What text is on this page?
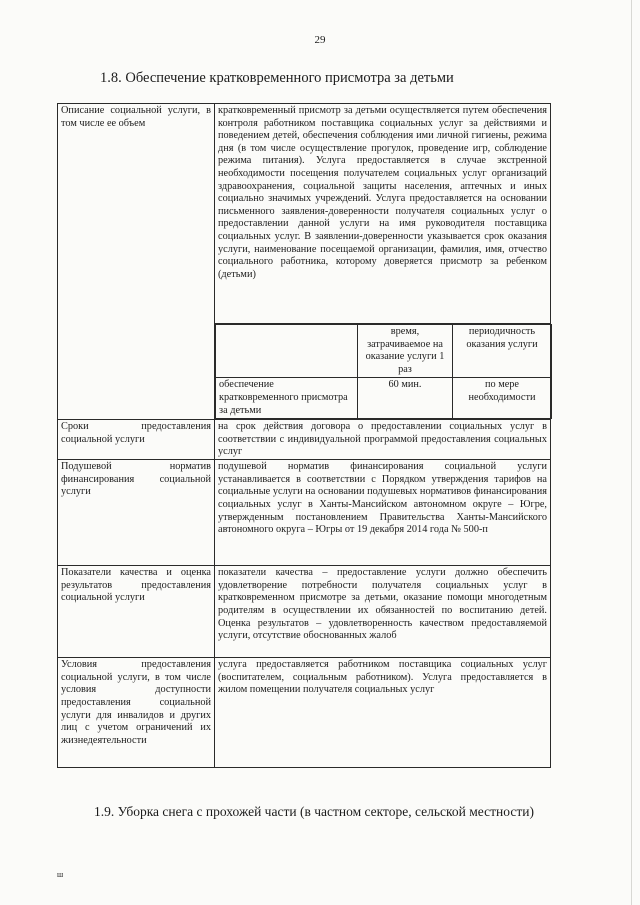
29
1.8. Обеспечение кратковременного присмотра за детьми
Описание социальной услуги, в том числе ее объем	кратковременный присмотр за детьми осуществляется путем обеспечения контроля работником поставщика социальных услуг за действиями и поведением детей, обеспечения соблюдения ими личной гигиены, режима дня (в том числе осуществление прогулок, проведение игр, соблюдение режима питания). Услуга предоставляется в случае экстренной необходимости посещения получателем социальных услуг организаций здравоохранения, социальной защиты населения, аптечных и иных социально значимых учреждений. Услуга предоставляется на основании письменного заявления-доверенности получателя социальных услуг о предоставлении данной услуги на имя руководителя поставщика социальных услуг. В заявлении-доверенности указывается срок оказания услуги, наименование посещаемой организации, фамилия, имя, отчество социального работника, которому доверяется присмотр за ребенком (детьми)

	время, затрачиваемое на оказание услуги 1 раз	периодичность оказания услуги
обеспечение кратковременного присмотра за детьми	60 мин.	по мере необходимости

Сроки предоставления социальной услуги	на срок действия договора о предоставлении социальных услуг в соответствии с индивидуальной программой предоставления социальных услуг
Подушевой норматив финансирования социальной услуги	подушевой норматив финансирования социальной услуги устанавливается в соответствии с Порядком утверждения тарифов на социальные услуги на основании подушевых нормативов финансирования социальных услуг в Ханты-Мансийском автономном округе – Югре, утвержденным постановлением Правительства Ханты-Мансийского автономного округа – Югры от 19 декабря 2014 года № 500-п
Показатели качества и оценка результатов предоставления социальной услуги	показатели качества – предоставление услуги должно обеспечить удовлетворение потребности получателя социальных услуг в кратковременном присмотре за детьми, оказание помощи многодетным родителям в осуществлении их обязанностей по воспитанию детей. Оценка результатов – удовлетворенность качеством предоставляемой услуги, отсутствие обоснованных жалоб
Условия предоставления социальной услуги, в том числе условия доступности предоставления социальной услуги для инвалидов и других лиц с учетом ограничений их жизнедеятельности	услуга предоставляется работником поставщика социальных услуг (воспитателем, социальным работником). Услуга предоставляется в жилом помещении получателя социальных услуг
1.9. Уборка снега с прохожей части (в частном секторе, сельской местности)
ш
